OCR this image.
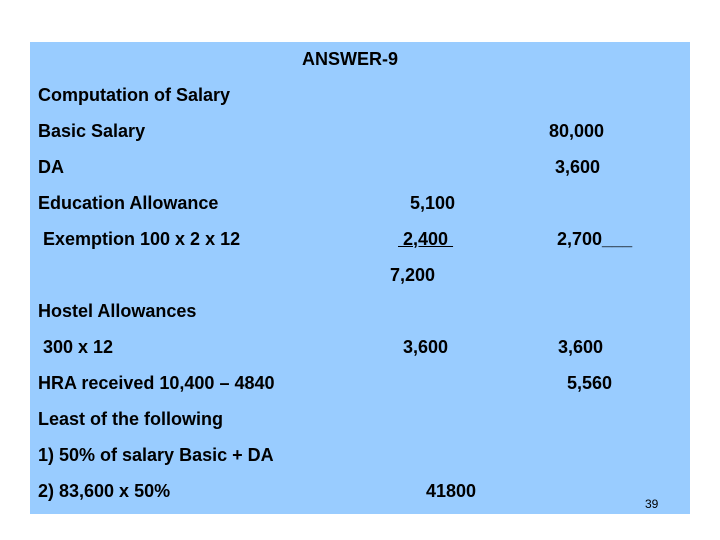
ANSWER-9
Computation of Salary
Basic Salary	80,000
DA	3,600
Education Allowance	5,100
Exemption 100 x 2 x 12	2,400	2,700___
7,200
Hostel Allowances
300 x 12	3,600	3,600
HRA received 10,400 – 4840	5,560
Least of the following
1) 50% of salary Basic + DA
2) 83,600 x 50%	41800
39
